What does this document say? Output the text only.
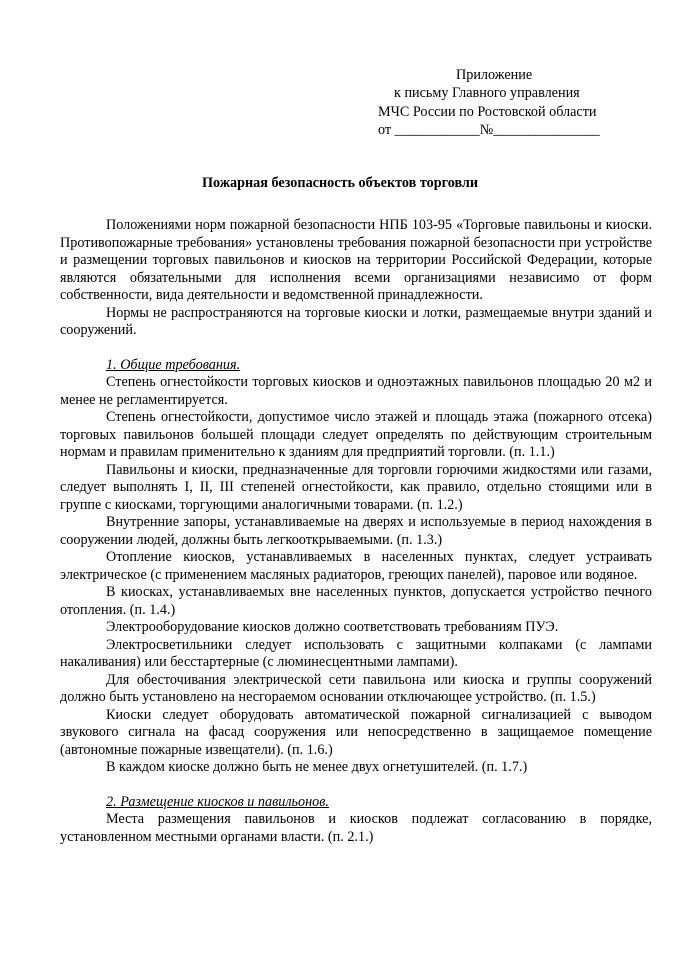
Приложение
к письму Главного управления
МЧС России по Ростовской области
от ____________№_______________
Пожарная безопасность объектов торговли

Положениями норм пожарной безопасности НПБ 103-95 «Торговые павильоны и киоски. Противопожарные требования» установлены требования пожарной безопасности при устройстве и размещении торговых павильонов и киосков на территории Российской Федерации, которые являются обязательными для исполнения всеми организациями независимо от форм собственности, вида деятельности и ведомственной принадлежности.

Нормы не распространяются на торговые киоски и лотки, размещаемые внутри зданий и сооружений.

1. Общие требования.

Степень огнестойкости торговых киосков и одноэтажных павильонов площадью 20 м2 и менее не регламентируется.

Степень огнестойкости, допустимое число этажей и площадь этажа (пожарного отсека) торговых павильонов большей площади следует определять по действующим строительным нормам и правилам применительно к зданиям для предприятий торговли. (п. 1.1.)

Павильоны и киоски, предназначенные для торговли горючими жидкостями или газами, следует выполнять I, II, III степеней огнестойкости, как правило, отдельно стоящими или в группе с киосками, торгующими аналогичными товарами. (п. 1.2.)

Внутренние запоры, устанавливаемые на дверях и используемые в период нахождения в сооружении людей, должны быть легкооткрываемыми. (п. 1.3.)

Отопление киосков, устанавливаемых в населенных пунктах, следует устраивать электрическое (с применением масляных радиаторов, греющих панелей), паровое или водяное.

В киосках, устанавливаемых вне населенных пунктов, допускается устройство печного отопления. (п. 1.4.)

Электрооборудование киосков должно соответствовать требованиям ПУЭ.

Электросветильники следует использовать с защитными колпаками (с лампами накаливания) или бесстартерные (с люминесцентными лампами).

Для обесточивания электрической сети павильона или киоска и группы сооружений должно быть установлено на несгораемом основании отключающее устройство. (п. 1.5.)

Киоски следует оборудовать автоматической пожарной сигнализацией с выводом звукового сигнала на фасад сооружения или непосредственно в защищаемое помещение (автономные пожарные извещатели). (п. 1.6.)

В каждом киоске должно быть не менее двух огнетушителей. (п. 1.7.)

2. Размещение киосков и павильонов.

Места размещения павильонов и киосков подлежат согласованию в порядке, установленном местными органами власти. (п. 2.1.)
